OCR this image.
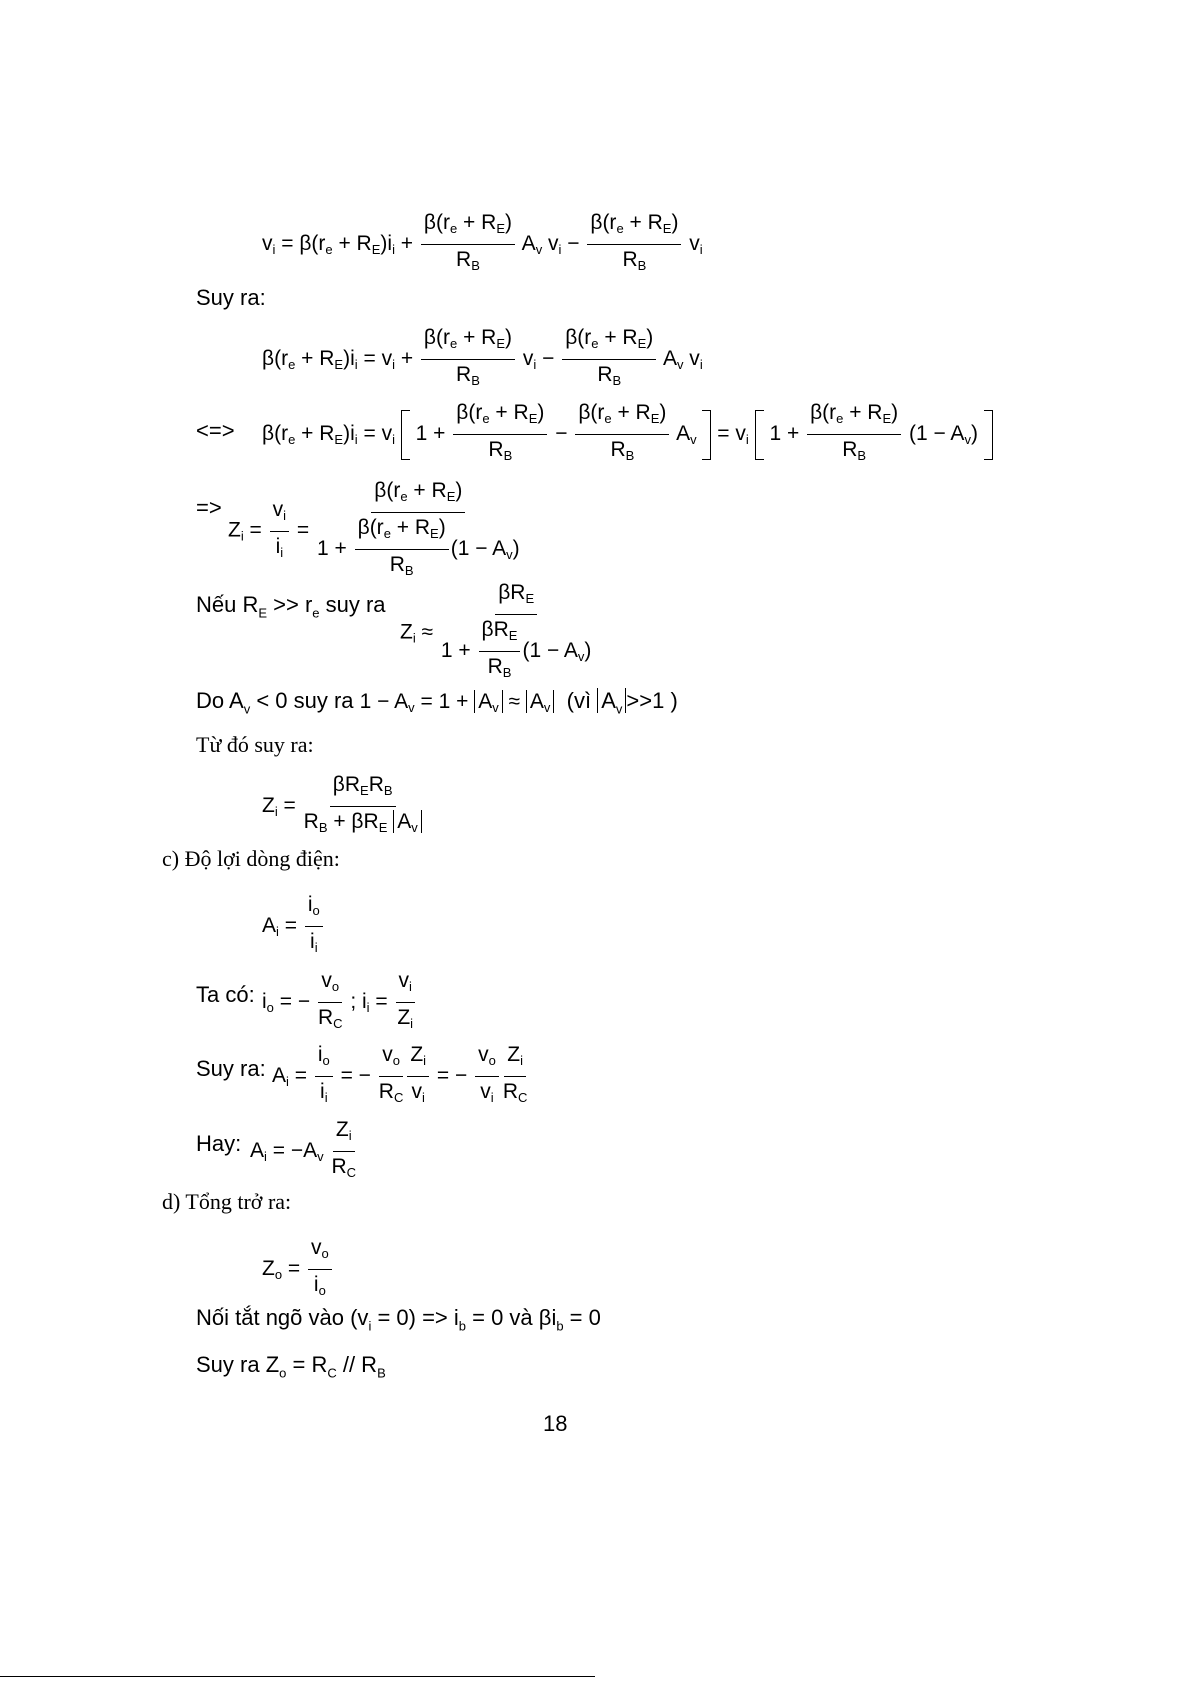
$v_i = \beta(r_e + R_E)i_i + \frac{\beta(r_e + R_E)}{R_B} A_v$ $v_i - \frac{\beta(r_e + R_E)}{R_B} v_i$
Suy ra:
$\beta(r_e + R_E)i_i = v_i + \frac{\beta(r_e + R_E)}{R_B} v_i - \frac{\beta(r_e + R_E)}{R_B} A_v$ $v_i$
<=> $\beta(r_e + R_E)i_i = v_i$  $1 + \frac{\beta(r_e + R_E)}{R_B} - \frac{\beta(r_e + R_E)}{R_B} A_v = v_i$  $1 + \frac{\beta(r_e + R_E)}{R_B} (1 - A_v)$
=>
$Z_i = \frac{v_i}{i_i} = \frac{\beta(r_e + R_E)}{1 + \frac{\beta(r_e + R_E)}{R_B} (1 - A_v)}$
Nếu $R_E >> r_e$ suy ra
$Z_i \approx \frac{\beta R_E}{1 + \frac{\beta R_E}{R_B} (1 - A_v)}$
Do $A_v < 0$ suy ra $1 - A_v = 1 + A_v \approx A_v$ (vì $A_v >>1$ )
Từ đó suy ra:
$Z_i = \frac{\beta R_ER_B}{R_B + \beta R_E A_v}$
c) Độ lợi dòng điện:
$A_i = \frac{i_o}{i_i}$
Ta có: $i_o$ = − $\frac{v_o}{R_C}$ ; $i_i = \frac{v_i}{Z_i}$
Suy ra: $A_i = \frac{i_o}{i_i}$ = − $\frac{v_o}{R_C} \frac{Z_i}{v_i}$ = − $\frac{v_o}{v_i} \frac{Z_i}{R_C}$
Hay: $A_i = -A_v \frac{Z_i}{R_C}$
d) Tổng trở ra:
$Z_o = \frac{v_o}{i_o}$
Nối tắt ngõ vào $(v_i = 0) => i_b = 0$ và $\beta i_b = 0$
Suy ra $Z_o = R_C // R_B$
18
